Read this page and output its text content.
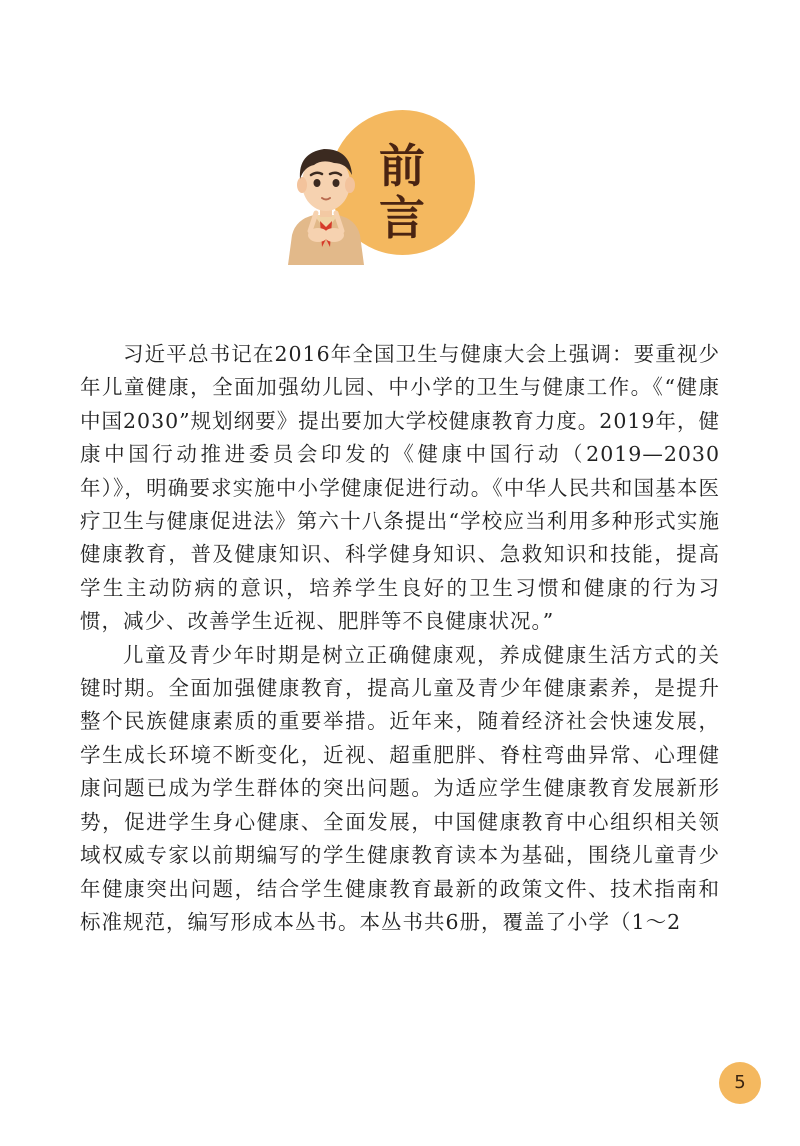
前
言

习近平总书记在2016年全国卫生与健康大会上强调：要重视少年儿童健康，全面加强幼儿园、中小学的卫生与健康工作。《“健康中国2030”规划纲要》提出要加大学校健康教育力度。2019年，健康中国行动推进委员会印发的《健康中国行动（2019—2030年）》，明确要求实施中小学健康促进行动。《中华人民共和国基本医疗卫生与健康促进法》第六十八条提出“学校应当利用多种形式实施健康教育，普及健康知识、科学健身知识、急救知识和技能，提高学生主动防病的意识，培养学生良好的卫生习惯和健康的行为习惯，减少、改善学生近视、肥胖等不良健康状况。”

儿童及青少年时期是树立正确健康观，养成健康生活方式的关键时期。全面加强健康教育，提高儿童及青少年健康素养，是提升整个民族健康素质的重要举措。近年来，随着经济社会快速发展，学生成长环境不断变化，近视、超重肥胖、脊柱弯曲异常、心理健康问题已成为学生群体的突出问题。为适应学生健康教育发展新形势，促进学生身心健康、全面发展，中国健康教育中心组织相关领域权威专家以前期编写的学生健康教育读本为基础，围绕儿童青少年健康突出问题，结合学生健康教育最新的政策文件、技术指南和标准规范，编写形成本丛书。本丛书共6册，覆盖了小学（1～2

5
